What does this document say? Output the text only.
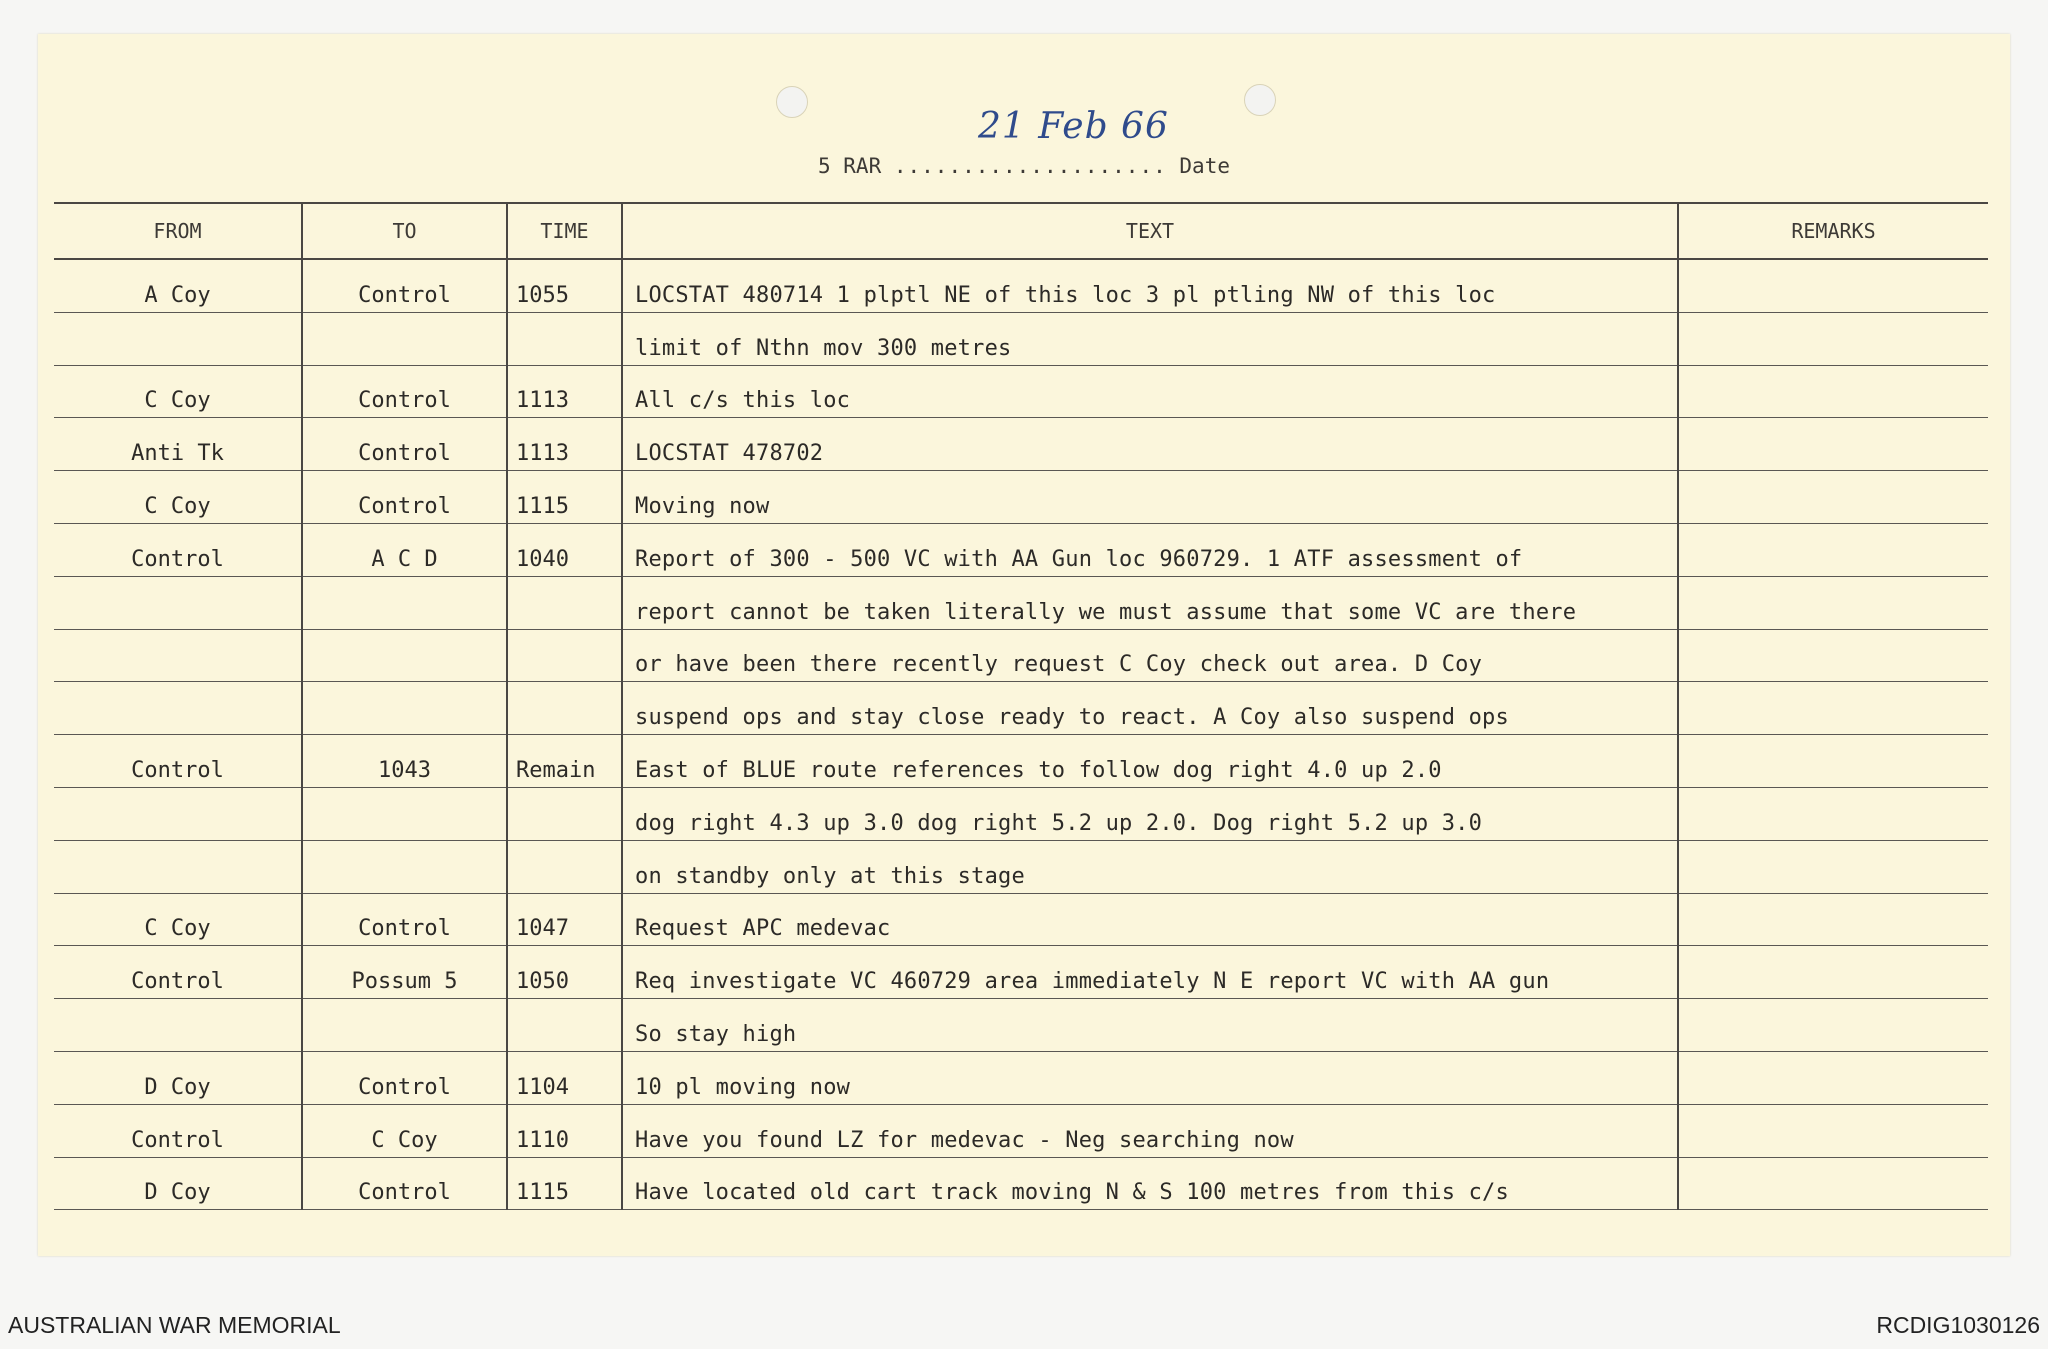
21 Feb 66
5 RAR .................... Date
FROM	TO	TIME	TEXT	REMARKS
A Coy	Control	1055	LOCSTAT 480714 1 plptl NE of this loc 3 pl ptling NW of this loc	
			limit of Nthn mov 300 metres	
C Coy	Control	1113	All c/s this loc	
Anti Tk	Control	1113	LOCSTAT 478702	
C Coy	Control	1115	Moving now	
Control	A C D	1040	Report of 300 - 500 VC with AA Gun loc 960729. 1 ATF assessment of	
			report cannot be taken literally we must assume that some VC are there	
			or have been there recently request C Coy check out area. D Coy	
			suspend ops and stay close ready to react. A Coy also suspend ops	
Control	1043	Remain	East of BLUE route references to follow dog right 4.0 up 2.0	
			dog right 4.3 up 3.0 dog right 5.2 up 2.0. Dog right 5.2 up 3.0	
			on standby only at this stage	
C Coy	Control	1047	Request APC medevac	
Control	Possum 5	1050	Req investigate VC 460729 area immediately N E report VC with AA gun	
			So stay high	
D Coy	Control	1104	10 pl moving now	
Control	C Coy	1110	Have you found LZ for medevac - Neg searching now	
D Coy	Control	1115	Have located old cart track moving N & S 100 metres from this c/s	
AUSTRALIAN WAR MEMORIAL	RCDIG1030126
